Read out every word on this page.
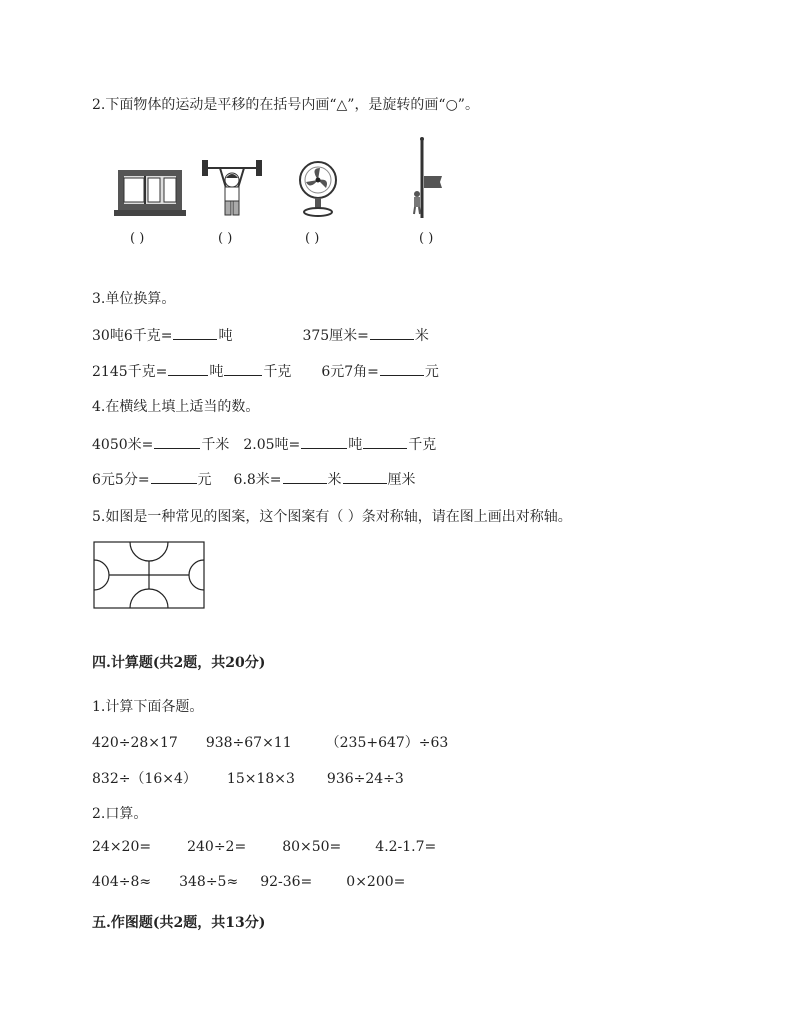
2.下面物体的运动是平移的在括号内画“△”，是旋转的画“○”。
( )	( )	( )	( )
3.单位换算。
30吨6千克=	吨	375厘米=	米
2145千克=	吨	千克 6元7角=	元
4.在横线上填上适当的数。
4050米=	千米 2.05吨=	吨	千克
6元5分=	元 6.8米=	米	厘米
5.如图是一种常见的图案，这个图案有（ ）条对称轴，请在图上画出对称轴。
四.计算题(共2题，共20分)
1.计算下面各题。
420÷28×17 938÷67×11 （235+647）÷63
832÷（16×4） 15×18×3 936÷24÷3
2.口算。
24×20=	240÷2=	80×50= 4.2-1.7=
404÷8≈ 348÷5≈ 92-36= 0×200=
五.作图题(共2题，共13分)
